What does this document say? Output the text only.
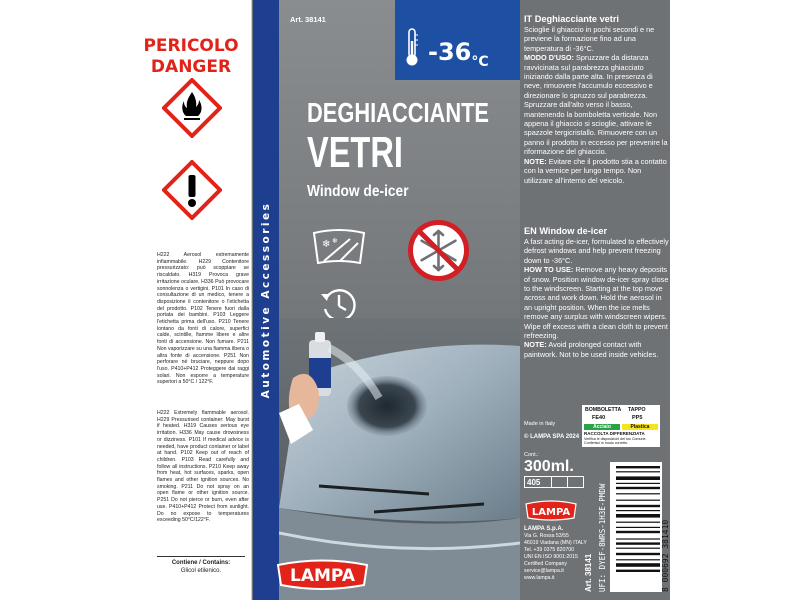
PERICOLO
DANGER
H222 Aerosol estremamente infiammabile. H229 Contenitore pressurizzato: può scoppiare se riscaldato. H319 Provoca grave irritazione oculare. H336 Può provocare sonnolenza o vertigini. P101 In caso di consultazione di un medico, tenere a disposizione il contenitore o l'etichetta del prodotto. P102 Tenere fuori dalla portata dei bambini. P103 Leggere l'etichetta prima dell'uso. P210 Tenere lontano da fonti di calore, superfici calde, scintille, fiamme libere e altre fonti di accensione. Non fumare. P211 Non vaporizzare su una fiamma libera o altra fonte di accensione. P251 Non perforare né bruciare, neppure dopo l'uso. P410+P412 Proteggere dai raggi solari. Non esporre a temperature superiori a 50°C / 122°F.
H222 Extremely flammable aerosol. H229 Pressurised container: May burst if heated. H319 Causes serious eye irritation. H336 May cause drowsiness or dizziness. P101 If medical advice is needed, have product container or label at hand. P102 Keep out of reach of children. P103 Read carefully and follow all instructions. P210 Keep away from heat, hot surfaces, sparks, open flames and other ignition sources. No smoking. P211 Do not spray on an open flame or other ignition source. P251 Do not pierce or burn, even after use. P410+P412 Protect from sunlight. Do no expose to temperatures exceeding 50°C/122°F.
Contiene / Contains:
Glicol etilenico.
Automotive Accessories
Art. 38141
$-36_{^\circ C}$
DEGHIACCIANTE
VETRI
Window de-icer
❄ ❄
IT Deghiacciante vetri
Scioglie il ghiaccio in pochi secondi e ne previene la formazione fino ad una temperatura di -36°C.
MODO D'USO: Spruzzare da distanza ravvicinata sul parabrezza ghiacciato iniziando dalla parte alta. In presenza di neve, rimuovere l'accumulo eccessivo e direzionare lo spruzzo sul parabrezza. Spruzzare dall'alto verso il basso, mantenendo la bomboletta verticale. Non appena il ghiaccio si scioglie, attivare le spazzole tergicristallo. Rimuovere con un panno il prodotto in eccesso per prevenire la riformazione del ghiaccio.
NOTE: Evitare che il prodotto stia a contatto con la vernice per lungo tempo. Non utilizzare all'interno del veicolo.
EN Window de-icer
A fast acting de-icer, formulated to effectively defrost windows and help prevent freezing down to -36°C.
HOW TO USE: Remove any heavy deposits of snow. Position window de-icer spray close to the windscreen. Starting at the top move across and work down. Hold the aerosol in an upright position. When the ice melts remove any surplus with windscreen wipers. Wipe off excess with a clean cloth to prevent refreezing.
NOTE: Avoid prolonged contact with paintwork. Not to be used inside vehicles.
Made in Italy
© LAMPA SPA 2024
BOMBOLETTA TAPPO
FE40	PP5
Acciaio	Plastica
RACCOLTA DIFFERENZIATA
Verifica le disposizioni del tuo Comune. Conferisci in modo corretto.
Cont.:
300ml.
405
LAMPA
LAMPA S.p.A.
Via G. Rossa 53/55
46019 Viadana (MN) ITALY
Tel. +39 0375 820700
UNI EN ISO 9001:2015
Certified Company
service@lampa.it
www.lampa.it	Art. 38141 UFI: DYEF-8WRS-1H3E-PMDW	8 000692 381410
LAMPA
